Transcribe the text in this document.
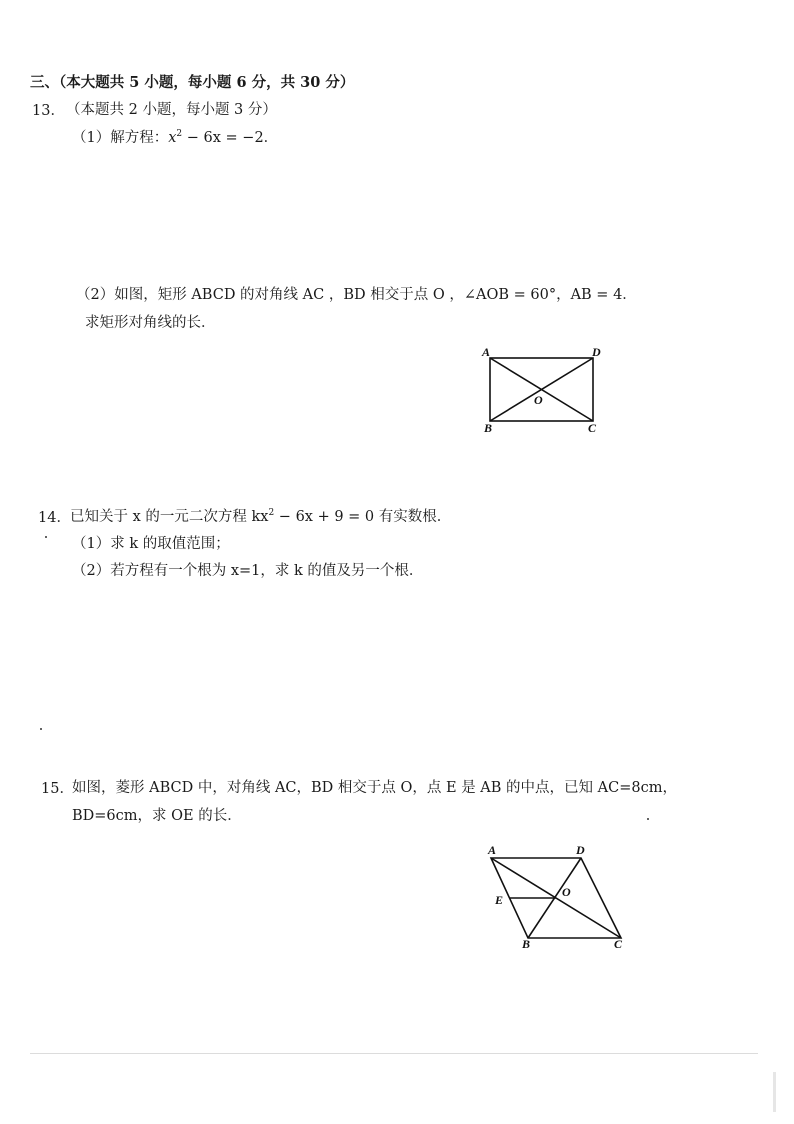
三、（本大题共 5 小题，每小题 6 分，共 30 分）
13． （本题共 2 小题，每小题 3 分）
（1）解方程：$x^2 - 6x = -2$．
（2）如图，矩形 ABCD 的对角线 AC ，BD 相交于点 O ，∠AOB = 60°，AB = 4．
求矩形对角线的长．
A	D
B	C
O
14． 已知关于 x 的一元二次方程 $kx^2 - 6x + 9 = 0$ 有实数根．
（1）求 k 的取值范围；
（2）若方程有一个根为 x=1，求 k 的值及另一个根．
15．
如图，菱形 ABCD 中，对角线 AC，BD 相交于点 O，点 E 是 AB 的中点，已知 AC=8cm，
BD=6cm，求 OE 的长．
A	D
E
O
B	C
